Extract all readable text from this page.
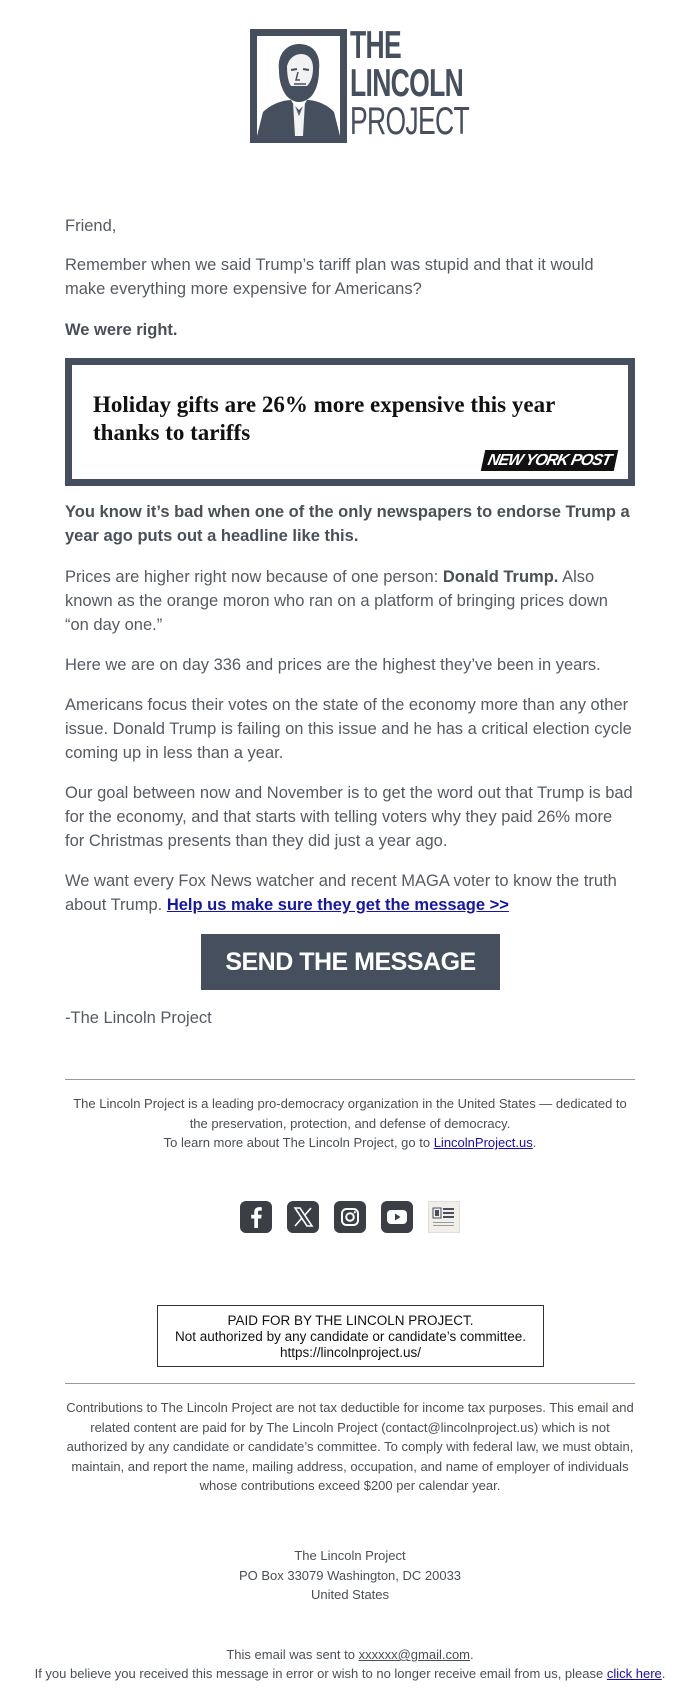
THE
LINCOLN
PROJECT
Friend,
Remember when we said Trump’s tariff plan was stupid and that it would make everything more expensive for Americans?
We were right.
Holiday gifts are 26% more expensive this year thanks to tariffs
NEW YORK POST
You know it’s bad when one of the only newspapers to endorse Trump a year ago puts out a headline like this.
Prices are higher right now because of one person: Donald Trump. Also known as the orange moron who ran on a platform of bringing prices down “on day one.”
Here we are on day 336 and prices are the highest they’ve been in years.
Americans focus their votes on the state of the economy more than any other issue. Donald Trump is failing on this issue and he has a critical election cycle coming up in less than a year.
Our goal between now and November is to get the word out that Trump is bad for the economy, and that starts with telling voters why they paid 26% more for Christmas presents than they did just a year ago.
We want every Fox News watcher and recent MAGA voter to know the truth about Trump. Help us make sure they get the message >>
SEND THE MESSAGE
-The Lincoln Project
The Lincoln Project is a leading pro-democracy organization in the United States — dedicated to the preservation, protection, and defense of democracy.
To learn more about The Lincoln Project, go to LincolnProject.us.
PAID FOR BY THE LINCOLN PROJECT.
Not authorized by any candidate or candidate’s committee.
https://lincolnproject.us/
Contributions to The Lincoln Project are not tax deductible for income tax purposes. This email and related content are paid for by The Lincoln Project (contact@lincolnproject.us) which is not authorized by any candidate or candidate’s committee. To comply with federal law, we must obtain, maintain, and report the name, mailing address, occupation, and name of employer of individuals whose contributions exceed $200 per calendar year.
The Lincoln Project
PO Box 33079 Washington, DC 20033
United States
This email was sent to xxxxxx@gmail.com.
If you believe you received this message in error or wish to no longer receive email from us, please click here.
